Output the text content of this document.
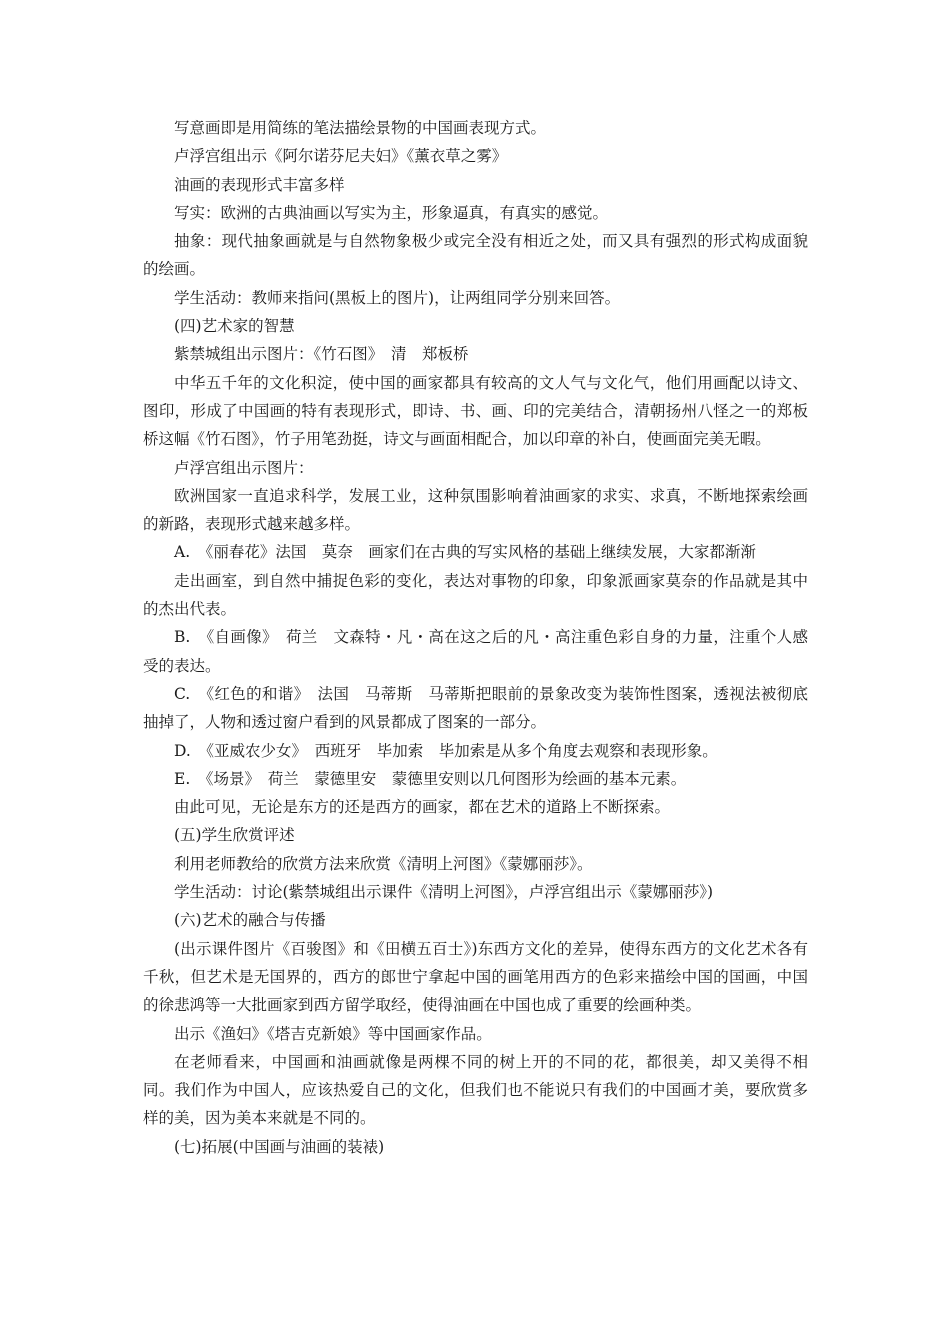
写意画即是用简练的笔法描绘景物的中国画表现方式。

卢浮宫组出示《阿尔诺芬尼夫妇》《薰衣草之雾》

油画的表现形式丰富多样

写实：欧洲的古典油画以写实为主，形象逼真，有真实的感觉。

抽象：现代抽象画就是与自然物象极少或完全没有相近之处，而又具有强烈的形式构成面貌的绘画。

学生活动：教师来指问(黑板上的图片)，让两组同学分别来回答。

(四)艺术家的智慧

紫禁城组出示图片：《竹石图》　清　郑板桥

中华五千年的文化积淀，使中国的画家都具有较高的文人气与文化气，他们用画配以诗文、图印，形成了中国画的特有表现形式，即诗、书、画、印的完美结合，清朝扬州八怪之一的郑板桥这幅《竹石图》，竹子用笔劲挺，诗文与画面相配合，加以印章的补白，使画面完美无暇。

卢浮宫组出示图片：

欧洲国家一直追求科学，发展工业，这种氛围影响着油画家的求实、求真，不断地探索绘画的新路，表现形式越来越多样。

A.　《丽春花》法国　莫奈　画家们在古典的写实风格的基础上继续发展，大家都渐渐

走出画室，到自然中捕捉色彩的变化，表达对事物的印象，印象派画家莫奈的作品就是其中的杰出代表。

B.　《自画像》　荷兰　文森特・凡・高在这之后的凡・高注重色彩自身的力量，注重个人感受的表达。

C.　《红色的和谐》　法国　马蒂斯　马蒂斯把眼前的景象改变为装饰性图案，透视法被彻底抽掉了，人物和透过窗户看到的风景都成了图案的一部分。

D.　《亚威农少女》　西班牙　毕加索　毕加索是从多个角度去观察和表现形象。

E.　《场景》　荷兰　蒙德里安　蒙德里安则以几何图形为绘画的基本元素。

由此可见，无论是东方的还是西方的画家，都在艺术的道路上不断探索。

(五)学生欣赏评述

利用老师教给的欣赏方法来欣赏《清明上河图》《蒙娜丽莎》。

学生活动：讨论(紫禁城组出示课件《清明上河图》，卢浮宫组出示《蒙娜丽莎》)

(六)艺术的融合与传播

(出示课件图片《百骏图》和《田横五百士》)东西方文化的差异，使得东西方的文化艺术各有千秋，但艺术是无国界的，西方的郎世宁拿起中国的画笔用西方的色彩来描绘中国的国画，中国的徐悲鸿等一大批画家到西方留学取经，使得油画在中国也成了重要的绘画种类。

出示《渔妇》《塔吉克新娘》等中国画家作品。

在老师看来，中国画和油画就像是两棵不同的树上开的不同的花，都很美，却又美得不相同。我们作为中国人，应该热爱自己的文化，但我们也不能说只有我们的中国画才美，要欣赏多样的美，因为美本来就是不同的。

(七)拓展(中国画与油画的装裱)
